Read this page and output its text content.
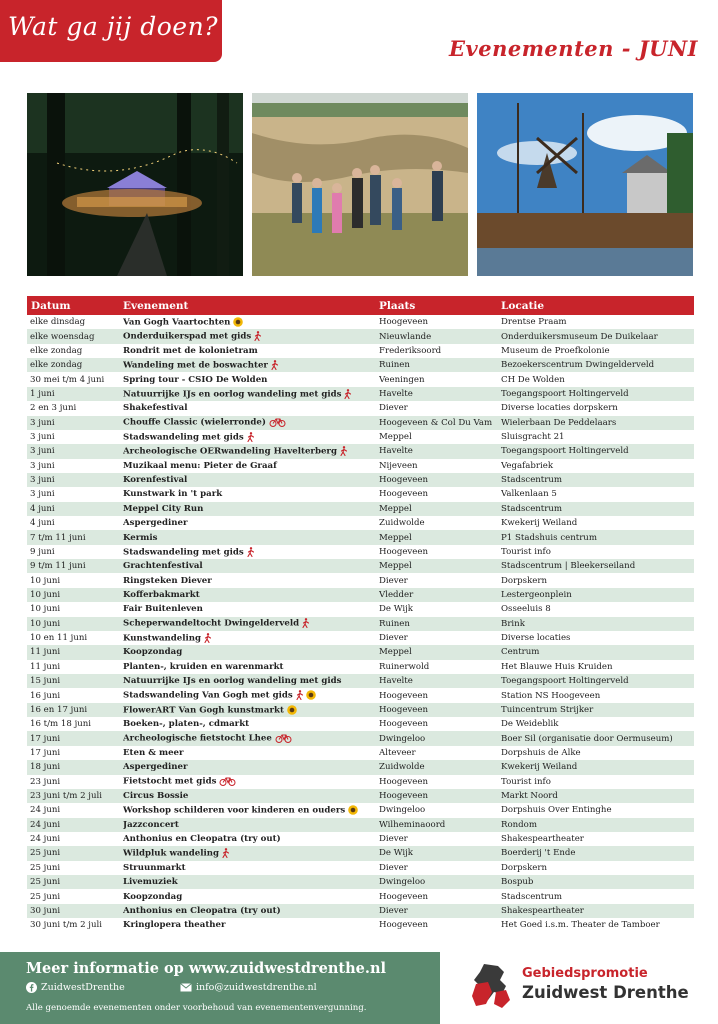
Wat ga jij doen?
Evenementen - JUNI
Datum	Evenement	Plaats	Locatie
elke dinsdag	Van Gogh Vaartochten	Hoogeveen	Drentse Praam
elke woensdag	Onderduikerspad met gids	Nieuwlande	Onderduikersmuseum De Duikelaar
elke zondag	Rondrit met de kolonietram	Frederiksoord	Museum de Proefkolonie
elke zondag	Wandeling met de boswachter	Ruinen	Bezoekerscentrum Dwingelderveld
30 mei t/m 4 juni	Spring tour - CSIO De Wolden	Veeningen	CH De Wolden
1 juni	Natuurrijke IJs en oorlog wandeling met gids	Havelte	Toegangspoort Holtingerveld
2 en 3 juni	Shakefestival	Diever	Diverse locaties dorpskern
3 juni	Chouffe Classic (wielerronde)	Hoogeveen & Col Du Vam	Wielerbaan De Peddelaars
3 juni	Stadswandeling met gids	Meppel	Sluisgracht 21
3 juni	Archeologische OERwandeling Havelterberg	Havelte	Toegangspoort Holtingerveld
3 juni	Muzikaal menu: Pieter de Graaf	Nijeveen	Vegafabriek
3 juni	Korenfestival	Hoogeveen	Stadscentrum
3 juni	Kunstwark in 't park	Hoogeveen	Valkenlaan 5
4 juni	Meppel City Run	Meppel	Stadscentrum
4 juni	Aspergediner	Zuidwolde	Kwekerij Weiland
7 t/m 11 juni	Kermis	Meppel	P1 Stadshuis centrum
9 juni	Stadswandeling met gids	Hoogeveen	Tourist info
9 t/m 11 juni	Grachtenfestival	Meppel	Stadscentrum | Bleekerseiland
10 juni	Ringsteken Diever	Diever	Dorpskern
10 juni	Kofferbakmarkt	Vledder	Lestergeonplein
10 juni	Fair Buitenleven	De Wijk	Osseeluis 8
10 juni	Scheperwandeltocht Dwingelderveld	Ruinen	Brink
10 en 11 juni	Kunstwandeling	Diever	Diverse locaties
11 juni	Koopzondag	Meppel	Centrum
11 juni	Planten-, kruiden en warenmarkt	Ruinerwold	Het Blauwe Huis Kruiden
15 juni	Natuurrijke IJs en oorlog wandeling met gids	Havelte	Toegangspoort Holtingerveld
16 juni	Stadswandeling Van Gogh met gids	Hoogeveen	Station NS Hoogeveen
16 en 17 juni	FlowerART Van Gogh kunstmarkt	Hoogeveen	Tuincentrum Strijker
16 t/m 18 juni	Boeken-, platen-, cdmarkt	Hoogeveen	De Weideblik
17 juni	Archeologische fietstocht Lhee	Dwingeloo	Boer Sil (organisatie door Oermuseum)
17 juni	Eten & meer	Alteveer	Dorpshuis de Alke
18 juni	Aspergediner	Zuidwolde	Kwekerij Weiland
23 juni	Fietstocht met gids	Hoogeveen	Tourist info
23 juni t/m 2 juli	Circus Bossie	Hoogeveen	Markt Noord
24 juni	Workshop schilderen voor kinderen en ouders	Dwingeloo	Dorpshuis Over Entinghe
24 juni	Jazzconcert	Wilheminaoord	Rondom
24 juni	Anthonius en Cleopatra (try out)	Diever	Shakespeartheater
25 juni	Wildpluk wandeling	De Wijk	Boerderij 't Ende
25 juni	Struunmarkt	Diever	Dorpskern
25 juni	Livemuziek	Dwingeloo	Bospub
25 juni	Koopzondag	Hoogeveen	Stadscentrum
30 juni	Anthonius en Cleopatra (try out)	Diever	Shakespeartheater
30 juni t/m 2 juli	Kringlopera theather	Hoogeveen	Het Goed i.s.m. Theater de Tamboer
Meer informatie op www.zuidwestdrenthe.nl
ZuidwestDrenthe	info@zuidwestdrenthe.nl
Alle genoemde evenementen onder voorbehoud van evenementenvergunning.
Gebiedspromotie
Zuidwest Drenthe
